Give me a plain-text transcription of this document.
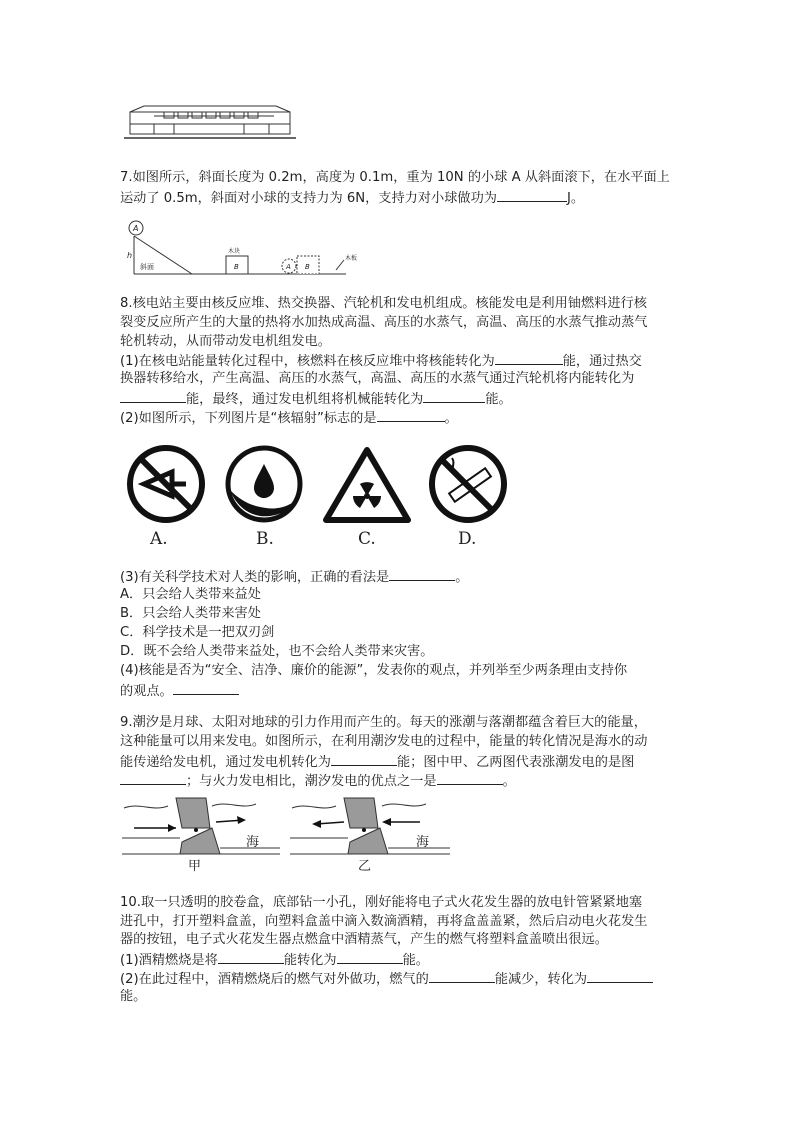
7.如图所示，斜面长度为 0.2m，高度为 0.1m，重为 10N 的小球 A 从斜面滚下，在水平面上
运动了 0.5m，斜面对小球的支持力为 6N，支持力对小球做功为	J。
A
h
斜面
木块
B	A B
木板
8.核电站主要由核反应堆、热交换器、汽轮机和发电机组成。核能发电是利用铀燃料进行核
裂变反应所产生的大量的热将水加热成高温、高压的水蒸气，高温、高压的水蒸气推动蒸气
轮机转动，从而带动发电机组发电。
(1)在核电站能量转化过程中，核燃料在核反应堆中将核能转化为	能，通过热交
换器转移给水，产生高温、高压的水蒸气，高温、高压的水蒸气通过汽轮机将内能转化为
能，最终，通过发电机组将机械能转化为	能。
(2)如图所示，下列图片是“核辐射”标志的是	。
A.	B.	C.	D.
(3)有关科学技术对人类的影响，正确的看法是	。
A．只会给人类带来益处
B．只会给人类带来害处
C．科学技术是一把双刃剑
D．既不会给人类带来益处，也不会给人类带来灾害。
(4)核能是否为“安全、洁净、廉价的能源”，发表你的观点，并列举至少两条理由支持你
的观点。
9.潮汐是月球、太阳对地球的引力作用而产生的。每天的涨潮与落潮都蕴含着巨大的能量，
这种能量可以用来发电。如图所示，在利用潮汐发电的过程中，能量的转化情况是海水的动
能传递给发电机，通过发电机转化为	能；图中甲、乙两图代表涨潮发电的是图
；与火力发电相比，潮汐发电的优点之一是	。
海
甲
海
乙
10.取一只透明的胶卷盒，底部钻一小孔，刚好能将电子式火花发生器的放电针管紧紧地塞
进孔中，打开塑料盒盖，向塑料盒盖中滴入数滴酒精，再将盒盖盖紧，然后启动电火花发生
器的按钮，电子式火花发生器点燃盒中酒精蒸气，产生的燃气将塑料盒盖喷出很远。
(1)酒精燃烧是将	能转化为	能。
(2)在此过程中，酒精燃烧后的燃气对外做功，燃气的	能减少，转化为
能。
